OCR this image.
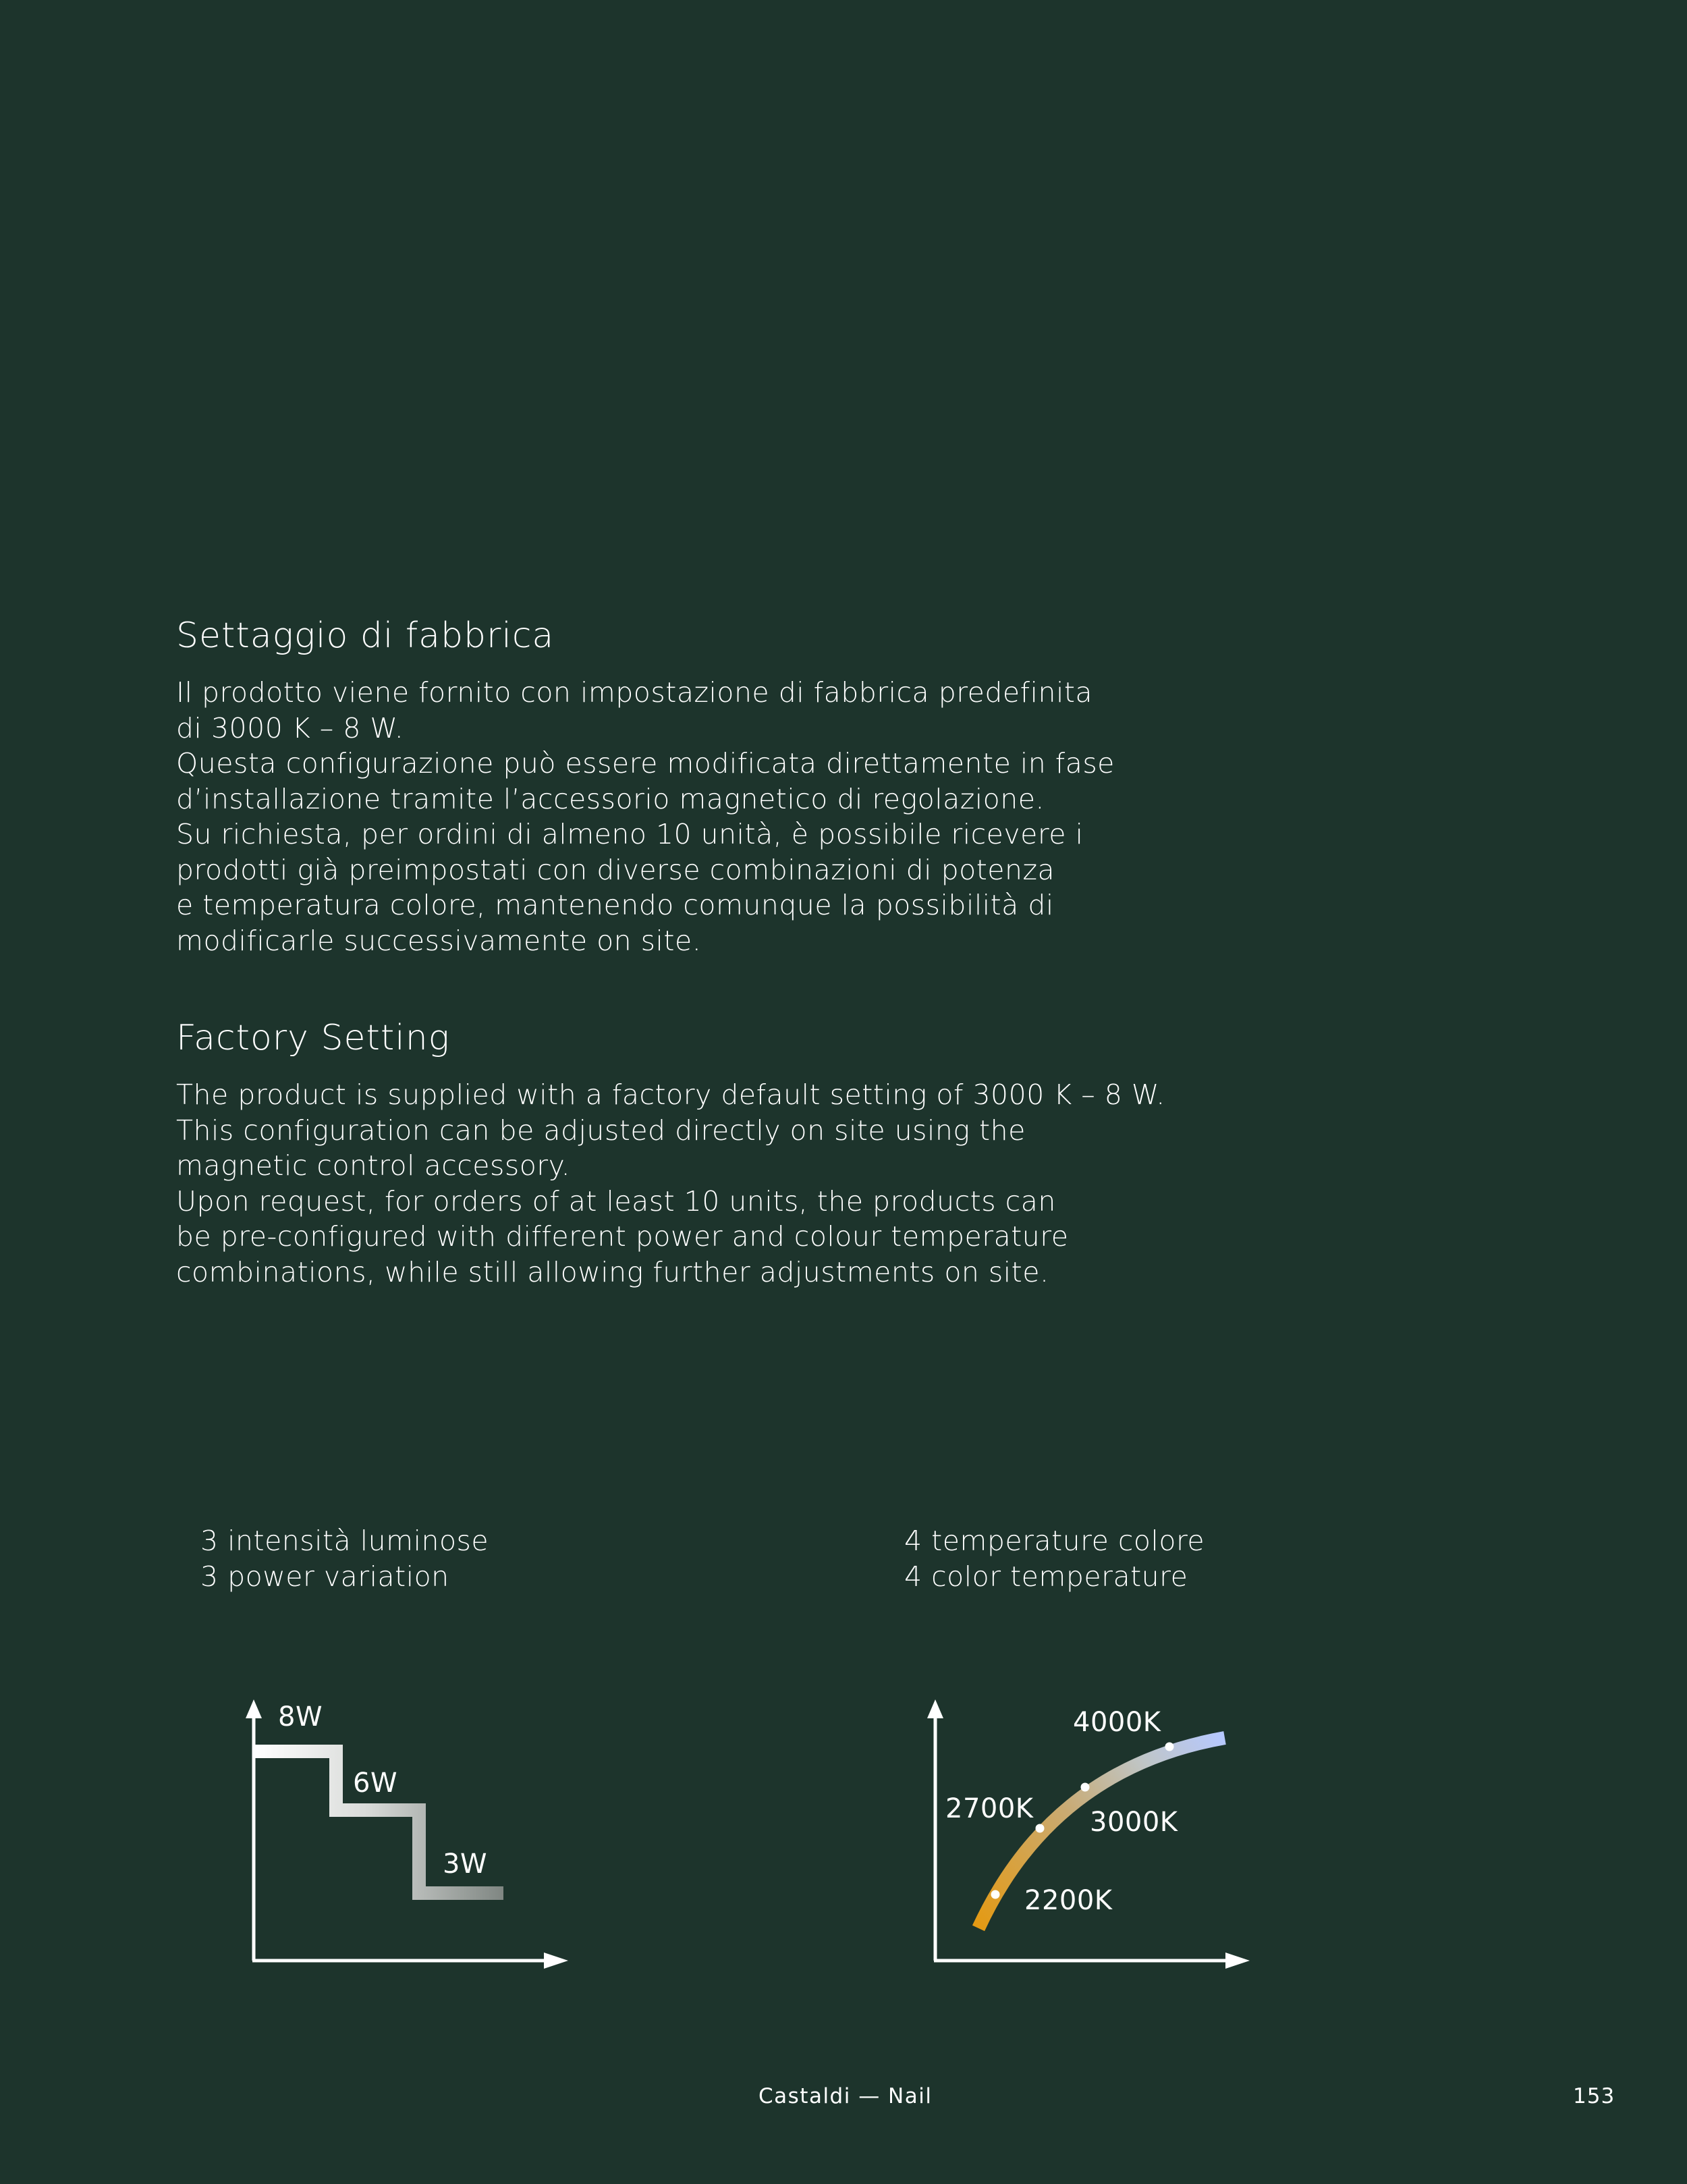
Settaggio di fabbrica

Il prodotto viene fornito con impostazione di fabbrica predefinita

di 3000 K – 8 W.

Questa configurazione può essere modificata direttamente in fase

d’installazione tramite l’accessorio magnetico di regolazione.

Su richiesta, per ordini di almeno 10 unità, è possibile ricevere i

prodotti già preimpostati con diverse combinazioni di potenza

e temperatura colore, mantenendo comunque la possibilità di

modificarle successivamente on site.

Factory Setting

The product is supplied with a factory default setting of 3000 K – 8 W.

This configuration can be adjusted directly on site using the

magnetic control accessory.

Upon request, for orders of at least 10 units, the products can

be pre-configured with different power and colour temperature

combinations, while still allowing further adjustments on site.

3 intensità luminose
3 power variation
4 temperature colore
4 color temperature
8W
6W
3W
2200K
2700K 3000K
4000K
Castaldi — Nail	153
